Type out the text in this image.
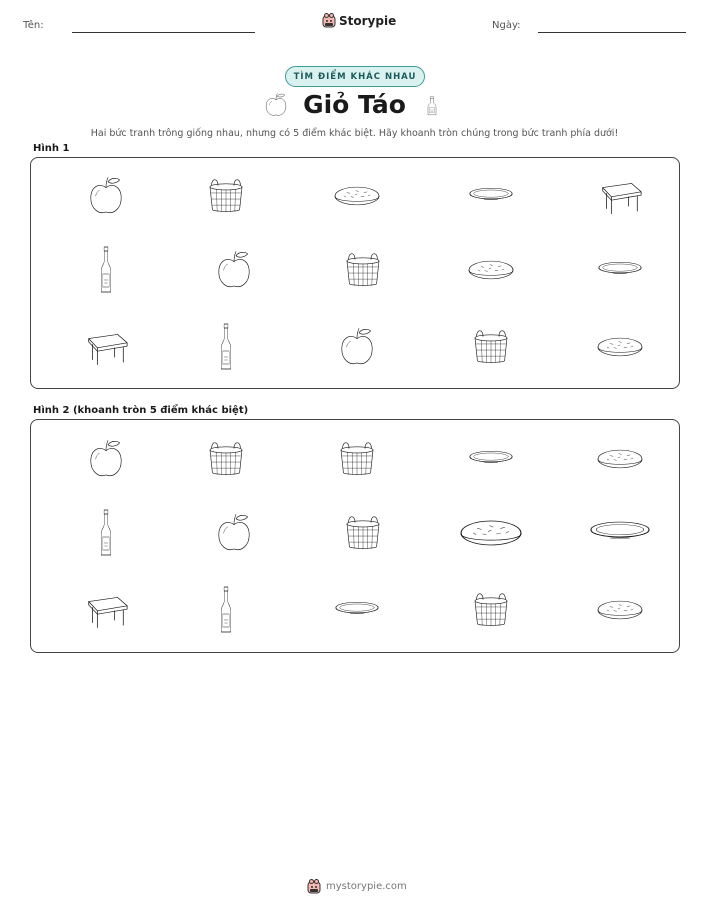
Tên:	Storypie	Ngày:
TÌM ĐIỂM KHÁC NHAU
Giỏ Táo
Hai bức tranh trông giống nhau, nhưng có 5 điểm khác biệt. Hãy khoanh tròn chúng trong bức tranh phía dưới!
Hình 1
Hình 2 (khoanh tròn 5 điểm khác biệt)
mystorypie.com
